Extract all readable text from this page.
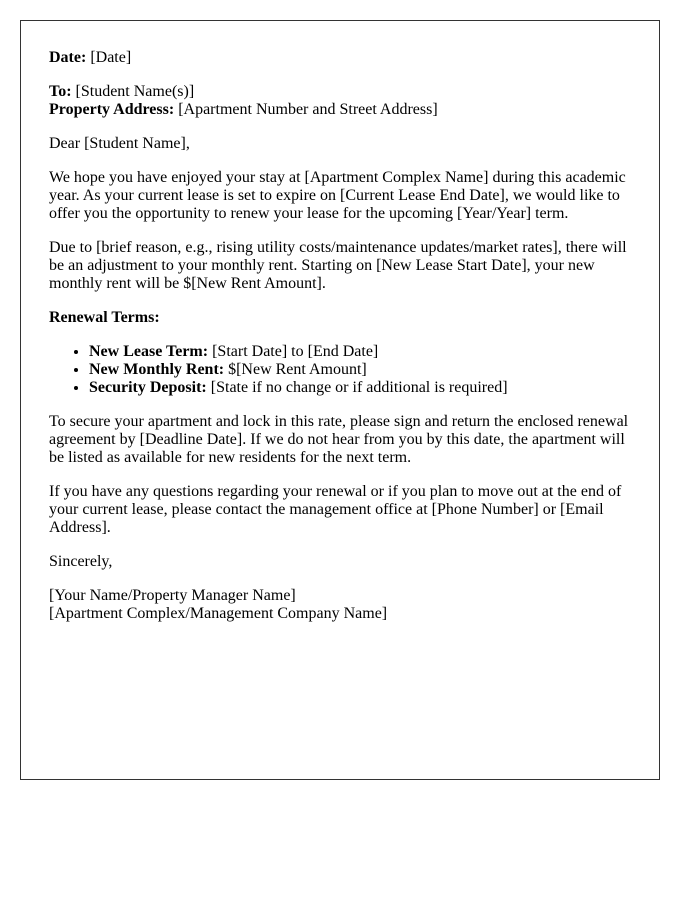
Date: [Date]

To: [Student Name(s)]
Property Address: [Apartment Number and Street Address]

Dear [Student Name],

We hope you have enjoyed your stay at [Apartment Complex Name] during this academic year. As your current lease is set to expire on [Current Lease End Date], we would like to offer you the opportunity to renew your lease for the upcoming [Year/Year] term.

Due to [brief reason, e.g., rising utility costs/maintenance updates/market rates], there will be an adjustment to your monthly rent. Starting on [New Lease Start Date], your new monthly rent will be $[New Rent Amount].

Renewal Terms:

• New Lease Term: [Start Date] to [End Date]
• New Monthly Rent: $[New Rent Amount]
• Security Deposit: [State if no change or if additional is required]

To secure your apartment and lock in this rate, please sign and return the enclosed renewal agreement by [Deadline Date]. If we do not hear from you by this date, the apartment will be listed as available for new residents for the next term.

If you have any questions regarding your renewal or if you plan to move out at the end of your current lease, please contact the management office at [Phone Number] or [Email Address].

Sincerely,

[Your Name/Property Manager Name]
[Apartment Complex/Management Company Name]
